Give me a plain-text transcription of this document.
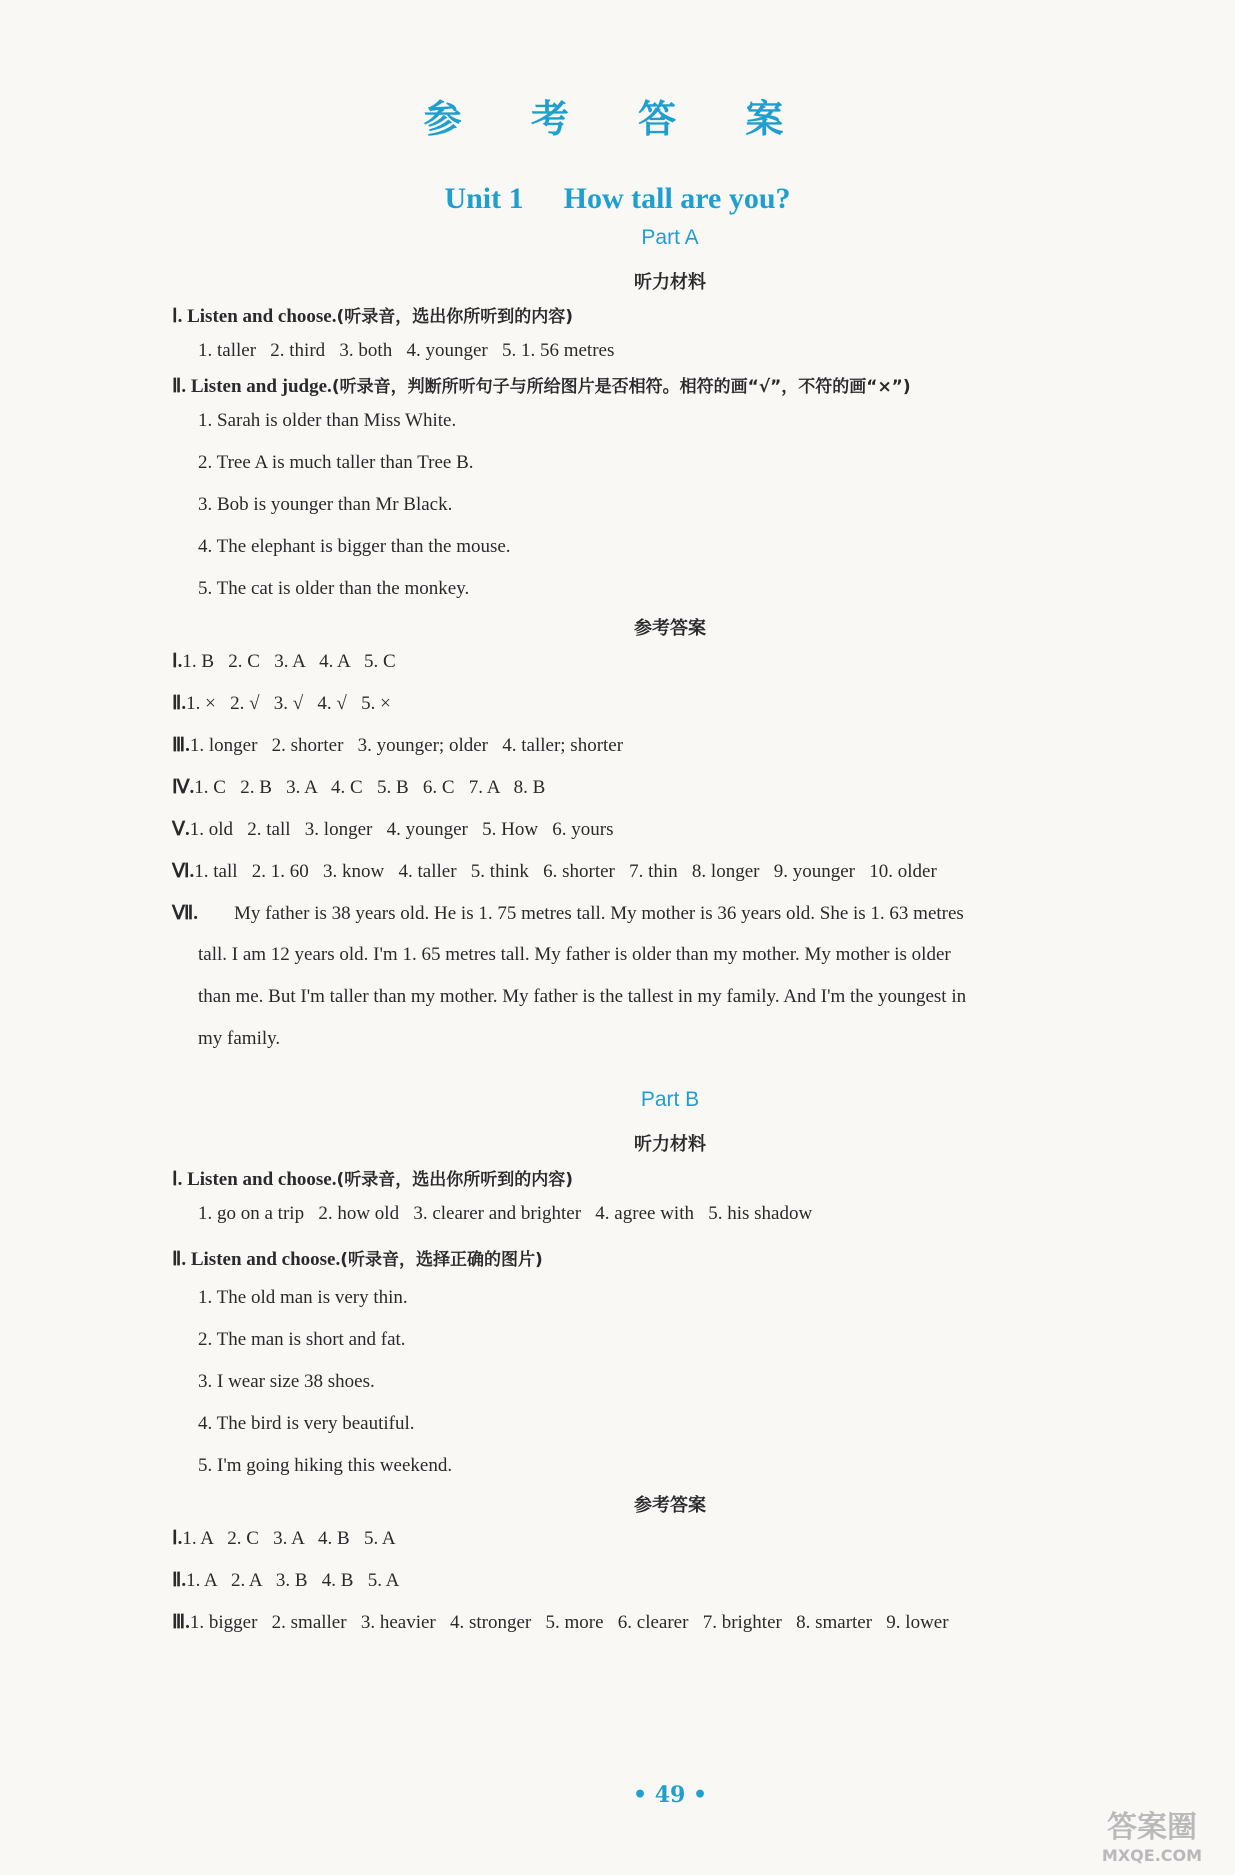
参 考 答 案
Unit 1 How tall are you?
Part A
听力材料
Ⅰ. Listen and choose.(听录音，选出你所听到的内容)
1. taller   2. third   3. both   4. younger   5. 1. 56 metres
Ⅱ. Listen and judge.(听录音，判断所听句子与所给图片是否相符。相符的画“√”，不符的画“×”)
1. Sarah is older than Miss White.
2. Tree A is much taller than Tree B.
3. Bob is younger than Mr Black.
4. The elephant is bigger than the mouse.
5. The cat is older than the monkey.
参考答案
Ⅰ.1. B   2. C   3. A   4. A   5. C
Ⅱ.1. ×   2. √   3. √   4. √   5. ×
Ⅲ.1. longer   2. shorter   3. younger; older   4. taller; shorter
Ⅳ.1. C   2. B   3. A   4. C   5. B   6. C   7. A   8. B
Ⅴ.1. old   2. tall   3. longer   4. younger   5. How   6. yours
Ⅵ.1. tall   2. 1. 60   3. know   4. taller   5. think   6. shorter   7. thin   8. longer   9. younger   10. older
Ⅶ. My father is 38 years old. He is 1. 75 metres tall. My mother is 36 years old. She is 1. 63 metres
tall. I am 12 years old. I'm 1. 65 metres tall. My father is older than my mother. My mother is older
than me. But I'm taller than my mother. My father is the tallest in my family. And I'm the youngest in
my family.
Part B
听力材料
Ⅰ. Listen and choose.(听录音，选出你所听到的内容)
1. go on a trip   2. how old   3. clearer and brighter   4. agree with   5. his shadow
Ⅱ. Listen and choose.(听录音，选择正确的图片)
1. The old man is very thin.
2. The man is short and fat.
3. I wear size 38 shoes.
4. The bird is very beautiful.
5. I'm going hiking this weekend.
参考答案
Ⅰ.1. A   2. C   3. A   4. B   5. A
Ⅱ.1. A   2. A   3. B   4. B   5. A
Ⅲ.1. bigger   2. smaller   3. heavier   4. stronger   5. more   6. clearer   7. brighter   8. smarter   9. lower
• 49 •
答案圈
MXQE.COM
